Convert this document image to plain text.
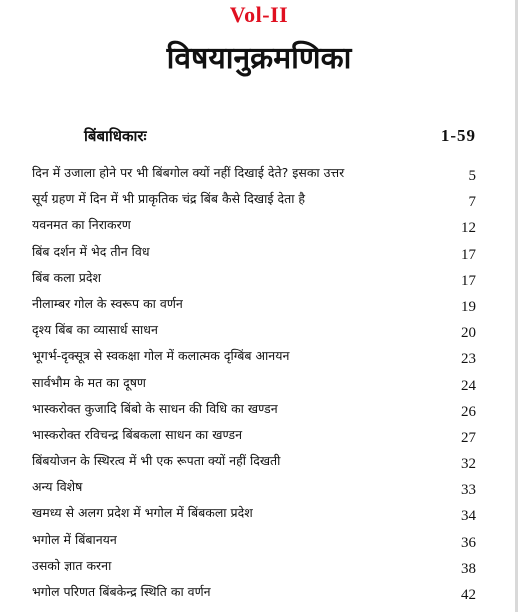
Vol-II
विषयानुक्रमणिका
बिंबाधिकारः	1-59
दिन में उजाला होने पर भी बिंबगोल क्यों नहीं दिखाई देते? इसका उत्तर	5
सूर्य ग्रहण में दिन में भी प्राकृतिक चंद्र बिंब कैसे दिखाई देता है	7
यवनमत का निराकरण	12
बिंब दर्शन में भेद तीन विध	17
बिंब कला प्रदेश	17
नीलाम्बर गोल के स्वरूप का वर्णन	19
दृश्य बिंब का व्यासार्ध साधन	20
भूगर्भ-दृक्सूत्र से स्वकक्षा गोल में कलात्मक दृग्बिंब आनयन	23
सार्वभौम के मत का दूषण	24
भास्करोक्त कुजादि बिंबो के साधन की विधि का खण्डन	26
भास्करोक्त रविचन्द्र बिंबकला साधन का खण्डन	27
बिंबयोजन के स्थिरत्व में भी एक रूपता क्यों नहीं दिखती	32
अन्य विशेष	33
खमध्य से अलग प्रदेश में भगोल में बिंबकला प्रदेश	34
भगोल में बिंबानयन	36
उसको ज्ञात करना	38
भगोल परिणत बिंबकेन्द्र स्थिति का वर्णन	42
